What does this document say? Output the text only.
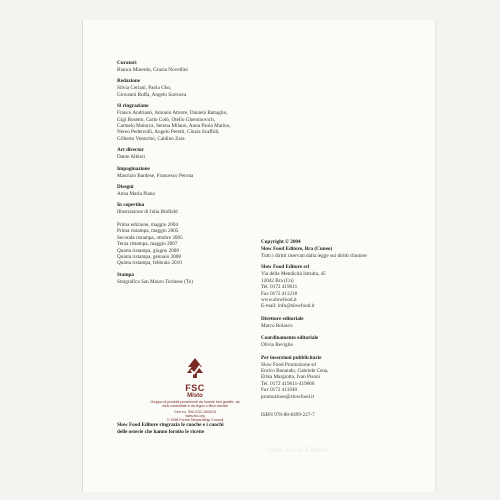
Curatori
Bianca Minerdo, Grazia Novellini
Redazione
Silvia Ceriani, Paola Gho,
Giovanni Ruffa, Angelo Surrusca
Si ringraziano
Franco Andrianò, Antonio Attorre, Daniela Battaglio,
Gigi Bosetto, Carlo Colò, Otello Ghersinovich,
Carmelo Maiorca, Serena Milano, Anna Paola Marino,
Nereo Pederzolli, Angelo Peretti, Cinzia Scaffidi,
Gilberto Venturini, Caldino Zara
Art director
Dante Albieri
Impaginazione
Maurizio Bardese, Francesco Perona
Disegni
Anna Maria Piana
In copertina
Illustrazione di Julia Binfield
Prima edizione, maggio 2004
Prima ristampa, maggio 2005
Seconda ristampa, ottobre 2005
Terza ristampa, maggio 2007
Quarta ristampa, giugno 2008
Quinta ristampa, gennaio 2008
Quinta ristampa, febbraio 2010
Stampa
Stargrafica San Mauro Torinese (To)
Copyright © 2004
Slow Food Editore, Bra (Cuneo)
Tutti i diritti riservati dalla legge sui diritti d'autore
Slow Food Editore srl
Via della Mendicità Istruita, 45
12042 Bra (Cn)
Tel. 0172 419611
Fax 0172 411218
www.slowfood.it
E-mail: info@slowfood.it
Direttore editoriale
Marco Bolasco
Coordinamento editoriale
Olivia Reviglio
Per inserzioni pubblicitarie
Slow Food Promozione srl
Enrico Bonaudo, Gabriele Cena,
Erika Margiotta, Ivan Pisoni
Tel. 0172 419611-419666
Fax 0172 411640
promozione@slowfood.it
ISBN 978-88-8499-227-7
FSC
Misto
Gruppo di prodotti provenienti da foreste ben gestite, da fonti controllate e da legno o fibra riciclati
Cert no. SW-COC-004215
www.fsc.org
© 1996 Forest Stewardship Council
Slow Food Editore ringrazia le cuoche e i cuochi
delle osterie che hanno fornito le ricette
slow Food Editore
